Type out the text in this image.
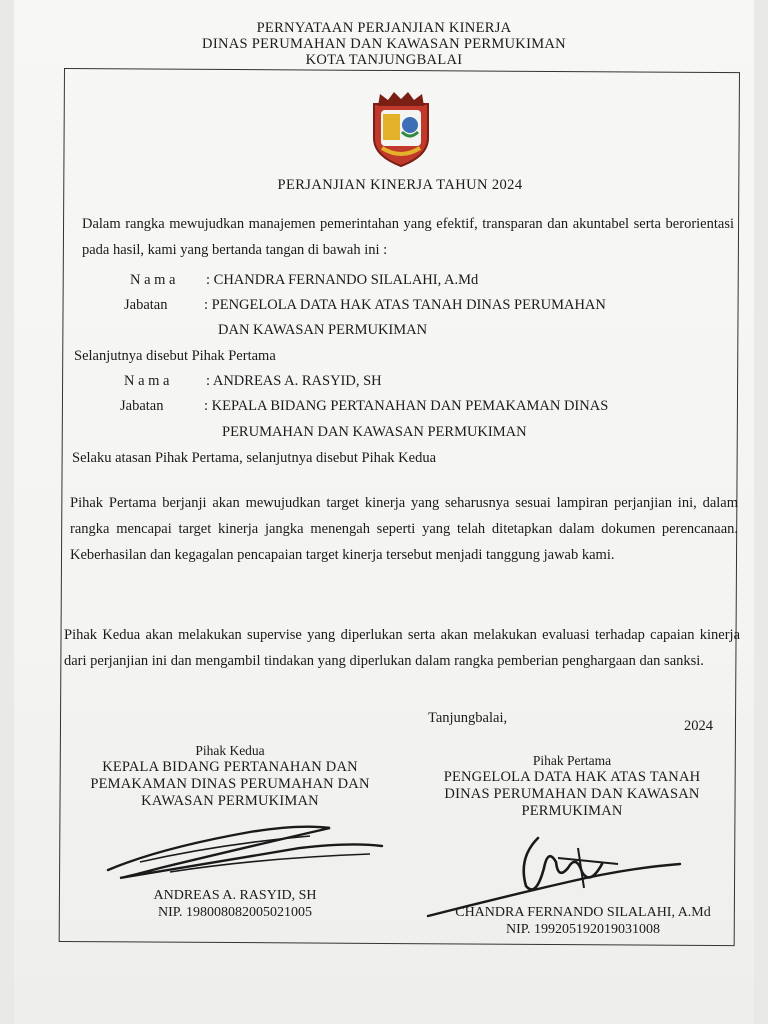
PERNYATAAN PERJANJIAN KINERJA
DINAS PERUMAHAN DAN KAWASAN PERMUKIMAN
KOTA TANJUNGBALAI
PERJANJIAN KINERJA TAHUN 2024
Dalam rangka mewujudkan manajemen pemerintahan yang efektif, transparan dan akuntabel serta berorientasi pada hasil, kami yang bertanda tangan di bawah ini :
N a m a : CHANDRA FERNANDO SILALAHI, A.Md
Jabatan	: PENGELOLA DATA HAK ATAS TANAH DINAS PERUMAHAN
DAN KAWASAN PERMUKIMAN
Selanjutnya disebut Pihak Pertama
N a m a	: ANDREAS A. RASYID, SH
Jabatan	: KEPALA BIDANG PERTANAHAN DAN PEMAKAMAN DINAS
PERUMAHAN DAN KAWASAN PERMUKIMAN
Selaku atasan Pihak Pertama, selanjutnya disebut Pihak Kedua
Pihak Pertama berjanji akan mewujudkan target kinerja yang seharusnya sesuai lampiran perjanjian ini, dalam rangka mencapai target kinerja jangka menengah seperti yang telah ditetapkan dalam dokumen perencanaan. Keberhasilan dan kegagalan pencapaian target kinerja tersebut menjadi tanggung jawab kami.
Pihak Kedua akan melakukan supervise yang diperlukan serta akan melakukan evaluasi terhadap capaian kinerja dari perjanjian ini dan mengambil tindakan yang diperlukan dalam rangka pemberian penghargaan dan sanksi.
Tanjungbalai,	2024
Pihak Kedua
KEPALA BIDANG PERTANAHAN DAN
PEMAKAMAN DINAS PERUMAHAN DAN
KAWASAN PERMUKIMAN
ANDREAS A. RASYID, SH
NIP. 198008082005021005
Pihak Pertama
PENGELOLA DATA HAK ATAS TANAH
DINAS PERUMAHAN DAN KAWASAN
PERMUKIMAN
CHANDRA FERNANDO SILALAHI, A.Md
NIP. 199205192019031008
